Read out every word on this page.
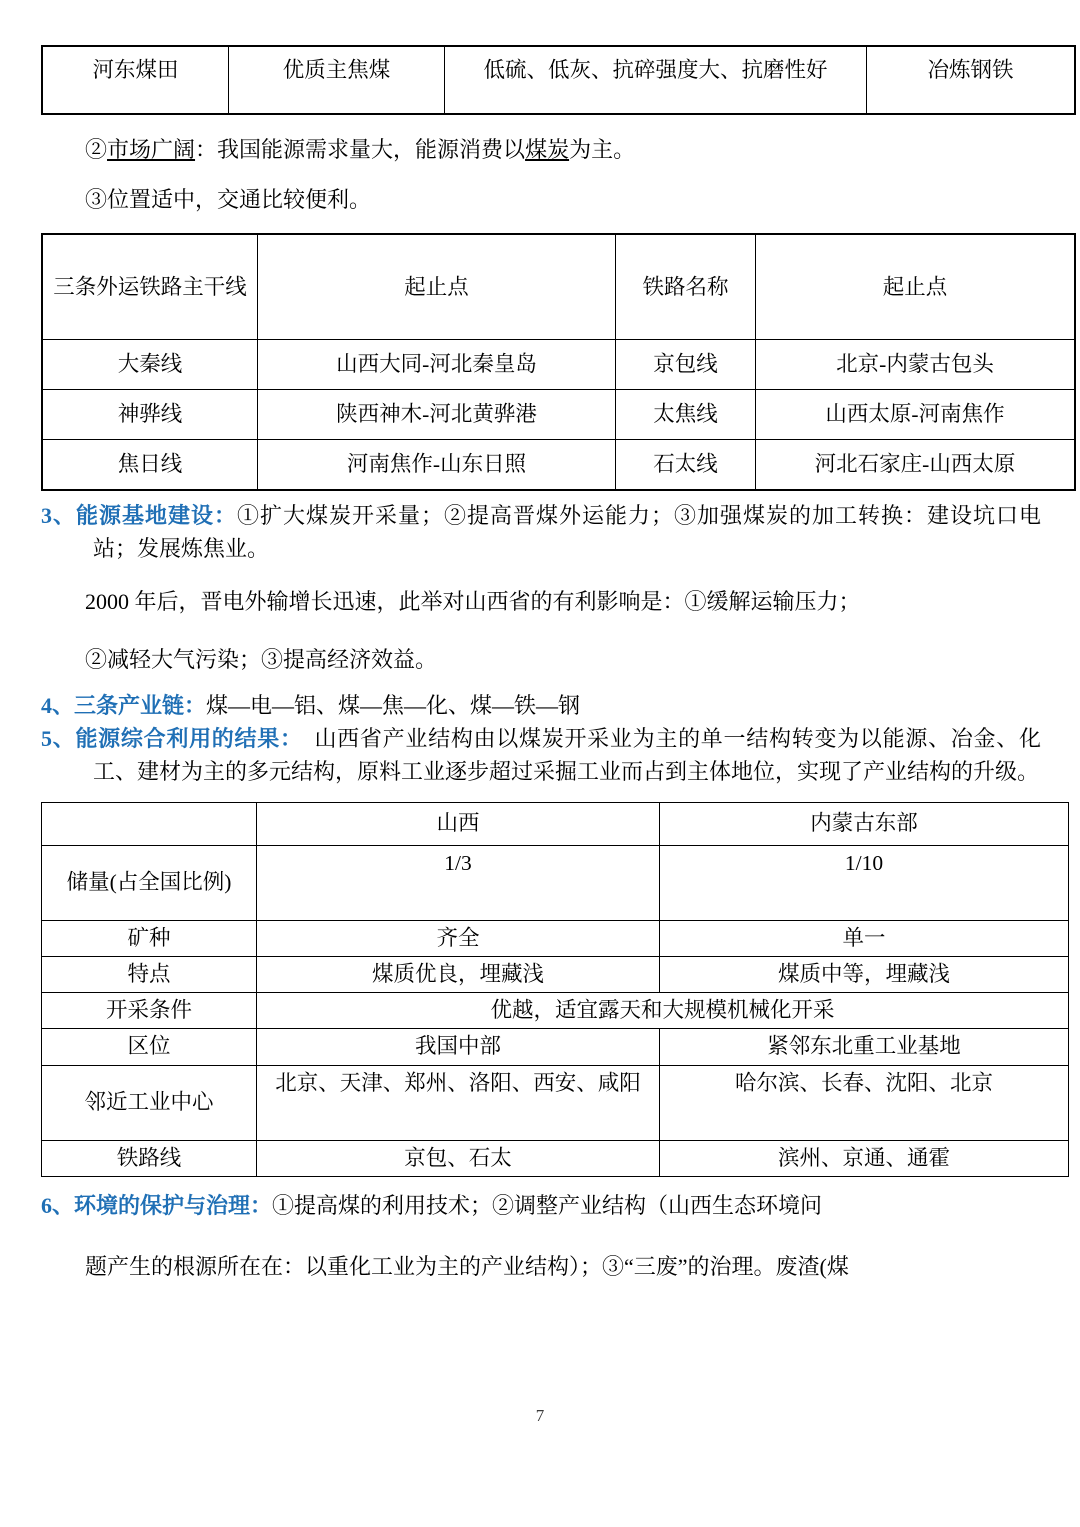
河东煤田	优质主焦煤	低硫、低灰、抗碎强度大、抗磨性好	冶炼钢铁

②市场广阔：我国能源需求量大，能源消费以煤炭为主。

③位置适中，交通比较便利。

三条外运铁路主干线	起止点	铁路名称	起止点
大秦线	山西大同-河北秦皇岛	京包线	北京-内蒙古包头
神骅线	陕西神木-河北黄骅港	太焦线	山西太原-河南焦作
焦日线	河南焦作-山东日照	石太线	河北石家庄-山西太原

3、能源基地建设：①扩大煤炭开采量；②提高晋煤外运能力；③加强煤炭的加工转换：建设坑口电站；发展炼焦业。

2000 年后，晋电外输增长迅速，此举对山西省的有利影响是：①缓解运输压力；

②减轻大气污染；③提高经济效益。

4、三条产业链：煤—电—铝、煤—焦—化、煤—铁—钢

5、能源综合利用的结果：　山西省产业结构由以煤炭开采业为主的单一结构转变为以能源、冶金、化工、建材为主的多元结构，原料工业逐步超过采掘工业而占到主体地位，实现了产业结构的升级。

	山西	内蒙古东部
储量(占全国比例)	1/3	1/10
矿种	齐全	单一
特点	煤质优良，埋藏浅	煤质中等，埋藏浅
开采条件	优越，适宜露天和大规模机械化开采	
区位	我国中部	紧邻东北重工业基地
邻近工业中心	北京、天津、郑州、洛阳、西安、咸阳	哈尔滨、长春、沈阳、北京
铁路线	京包、石太	滨州、京通、通霍

6、环境的保护与治理：①提高煤的利用技术；②调整产业结构（山西生态环境问

题产生的根源所在在：以重化工业为主的产业结构）；③“三废”的治理。废渣(煤

7
